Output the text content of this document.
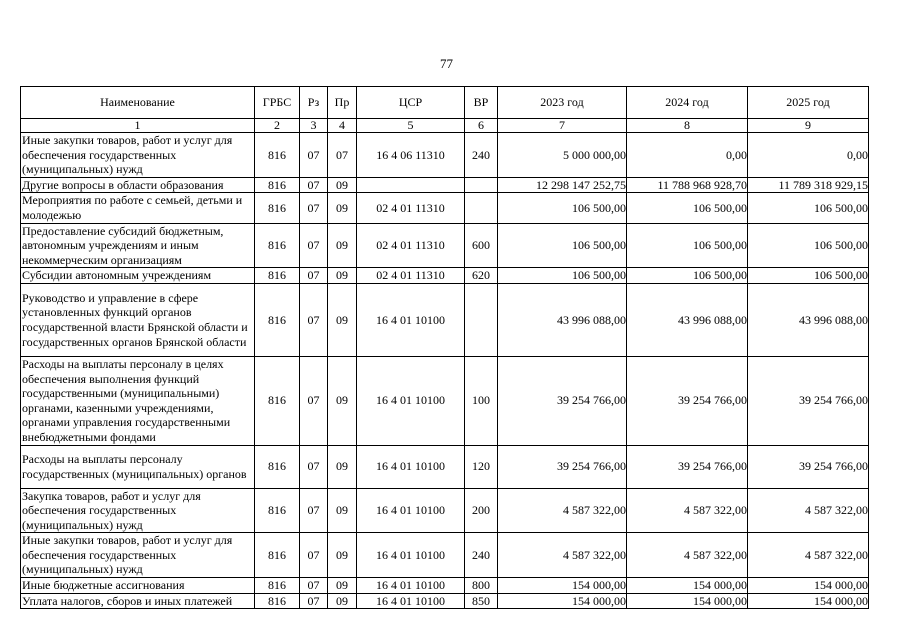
77
Наименование	ГРБС	Рз	Пр	ЦСР	ВР	2023 год	2024 год	2025 год
1	2	3	4	5	6	7	8	9
Иные закупки товаров, работ и услуг для обеспечения государственных (муниципальных) нужд	816	07	07	16 4 06 11310	240	5 000 000,00	0,00	0,00
Другие вопросы в области образования	816	07	09			12 298 147 252,75	11 788 968 928,70	11 789 318 929,15
Мероприятия по работе с семьей, детьми и молодежью	816	07	09	02 4 01 11310		106 500,00	106 500,00	106 500,00
Предоставление субсидий бюджетным, автономным учреждениям и иным некоммерческим организациям	816	07	09	02 4 01 11310	600	106 500,00	106 500,00	106 500,00
Субсидии автономным учреждениям	816	07	09	02 4 01 11310	620	106 500,00	106 500,00	106 500,00
Руководство и управление в сфере установленных функций органов государственной власти Брянской области и государственных органов Брянской области	816	07	09	16 4 01 10100		43 996 088,00	43 996 088,00	43 996 088,00
Расходы на выплаты персоналу в целях обеспечения выполнения функций государственными (муниципальными) органами, казенными учреждениями, органами управления государственными внебюджетными фондами	816	07	09	16 4 01 10100	100	39 254 766,00	39 254 766,00	39 254 766,00
Расходы на выплаты персоналу государственных (муниципальных) органов	816	07	09	16 4 01 10100	120	39 254 766,00	39 254 766,00	39 254 766,00
Закупка товаров, работ и услуг для обеспечения государственных (муниципальных) нужд	816	07	09	16 4 01 10100	200	4 587 322,00	4 587 322,00	4 587 322,00
Иные закупки товаров, работ и услуг для обеспечения государственных (муниципальных) нужд	816	07	09	16 4 01 10100	240	4 587 322,00	4 587 322,00	4 587 322,00
Иные бюджетные ассигнования	816	07	09	16 4 01 10100	800	154 000,00	154 000,00	154 000,00
Уплата налогов, сборов и иных платежей	816	07	09	16 4 01 10100	850	154 000,00	154 000,00	154 000,00
